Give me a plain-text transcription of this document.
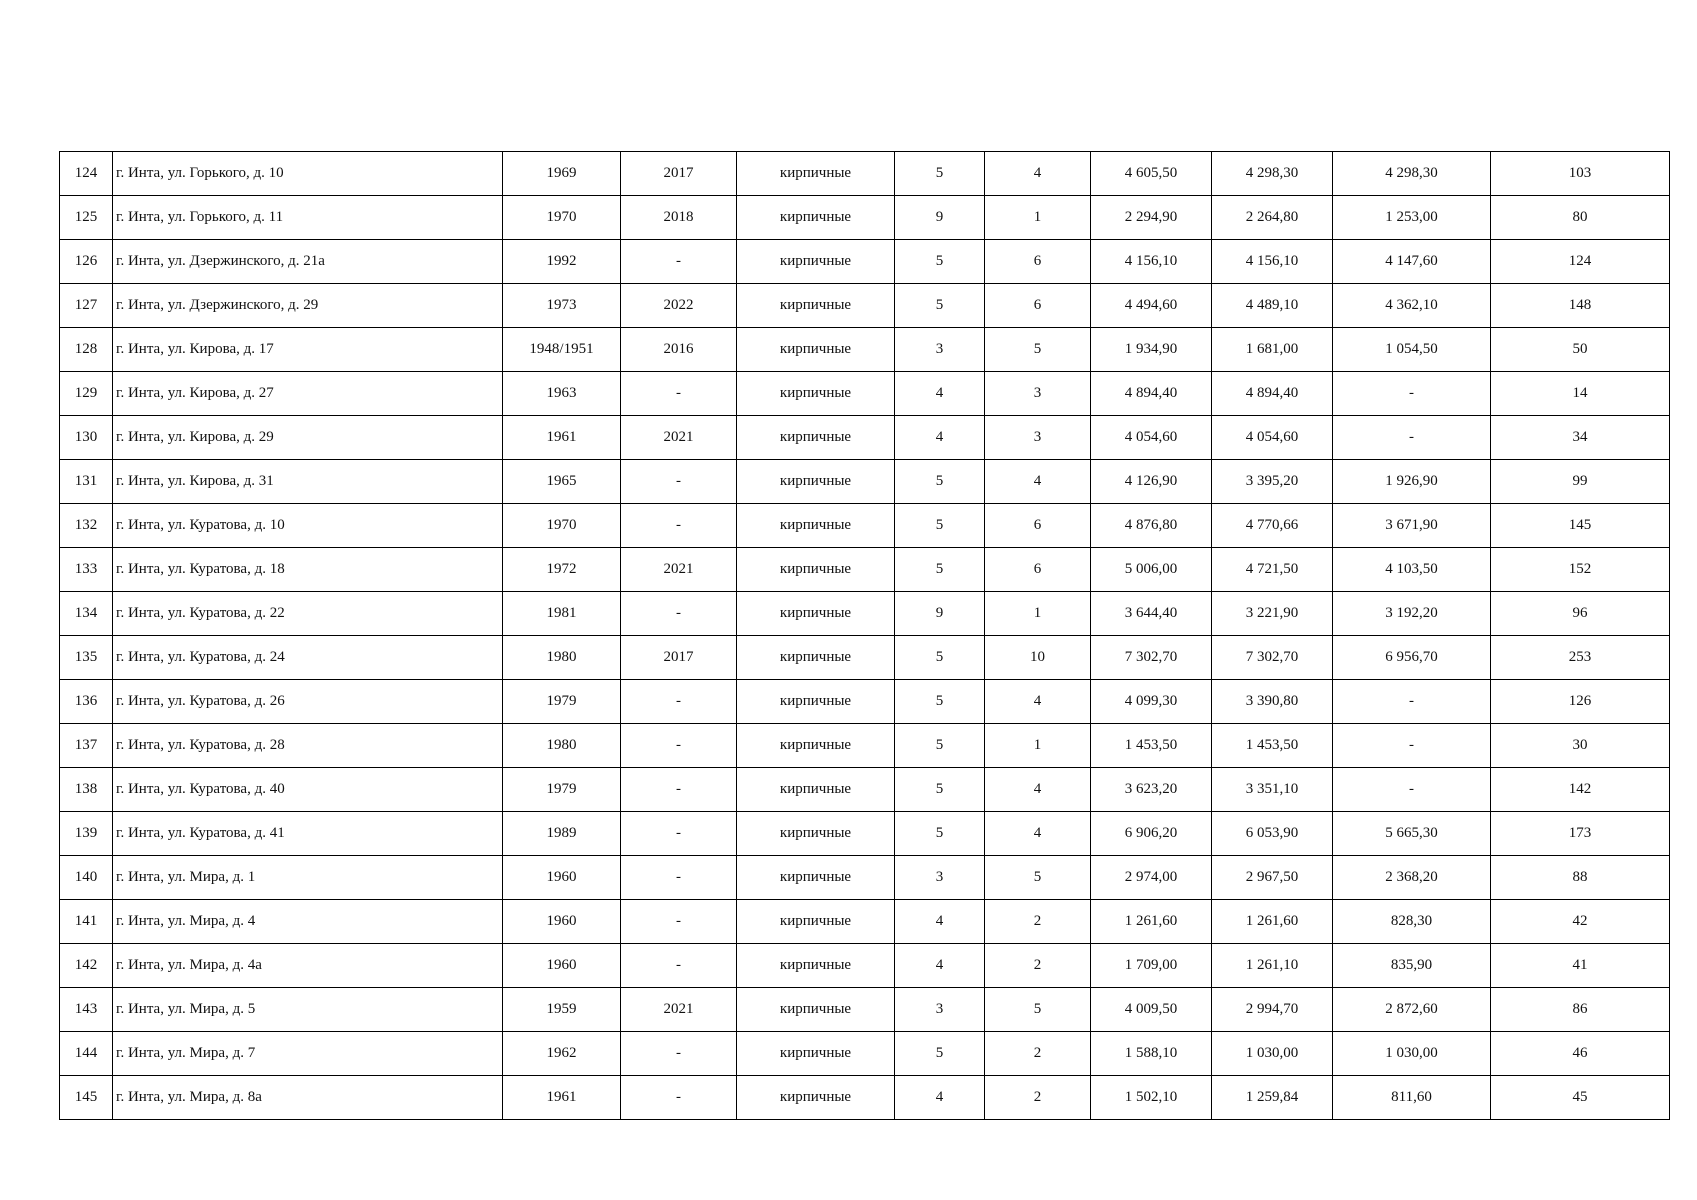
124	г. Инта, ул. Горького, д. 10	1969	2017	кирпичные	5	4	4 605,50	4 298,30	4 298,30	103
125	г. Инта, ул. Горького, д. 11	1970	2018	кирпичные	9	1	2 294,90	2 264,80	1 253,00	80
126	г. Инта, ул. Дзержинского, д. 21а	1992	-	кирпичные	5	6	4 156,10	4 156,10	4 147,60	124
127	г. Инта, ул. Дзержинского, д. 29	1973	2022	кирпичные	5	6	4 494,60	4 489,10	4 362,10	148
128	г. Инта, ул. Кирова, д. 17	1948/1951	2016	кирпичные	3	5	1 934,90	1 681,00	1 054,50	50
129	г. Инта, ул. Кирова, д. 27	1963	-	кирпичные	4	3	4 894,40	4 894,40	-	14
130	г. Инта, ул. Кирова, д. 29	1961	2021	кирпичные	4	3	4 054,60	4 054,60	-	34
131	г. Инта, ул. Кирова, д. 31	1965	-	кирпичные	5	4	4 126,90	3 395,20	1 926,90	99
132	г. Инта, ул. Куратова, д. 10	1970	-	кирпичные	5	6	4 876,80	4 770,66	3 671,90	145
133	г. Инта, ул. Куратова, д. 18	1972	2021	кирпичные	5	6	5 006,00	4 721,50	4 103,50	152
134	г. Инта, ул. Куратова, д. 22	1981	-	кирпичные	9	1	3 644,40	3 221,90	3 192,20	96
135	г. Инта, ул. Куратова, д. 24	1980	2017	кирпичные	5	10	7 302,70	7 302,70	6 956,70	253
136	г. Инта, ул. Куратова, д. 26	1979	-	кирпичные	5	4	4 099,30	3 390,80	-	126
137	г. Инта, ул. Куратова, д. 28	1980	-	кирпичные	5	1	1 453,50	1 453,50	-	30
138	г. Инта, ул. Куратова, д. 40	1979	-	кирпичные	5	4	3 623,20	3 351,10	-	142
139	г. Инта, ул. Куратова, д. 41	1989	-	кирпичные	5	4	6 906,20	6 053,90	5 665,30	173
140	г. Инта, ул. Мира, д. 1	1960	-	кирпичные	3	5	2 974,00	2 967,50	2 368,20	88
141	г. Инта, ул. Мира, д. 4	1960	-	кирпичные	4	2	1 261,60	1 261,60	828,30	42
142	г. Инта, ул. Мира, д. 4а	1960	-	кирпичные	4	2	1 709,00	1 261,10	835,90	41
143	г. Инта, ул. Мира, д. 5	1959	2021	кирпичные	3	5	4 009,50	2 994,70	2 872,60	86
144	г. Инта, ул. Мира, д. 7	1962	-	кирпичные	5	2	1 588,10	1 030,00	1 030,00	46
145	г. Инта, ул. Мира, д. 8а	1961	-	кирпичные	4	2	1 502,10	1 259,84	811,60	45
